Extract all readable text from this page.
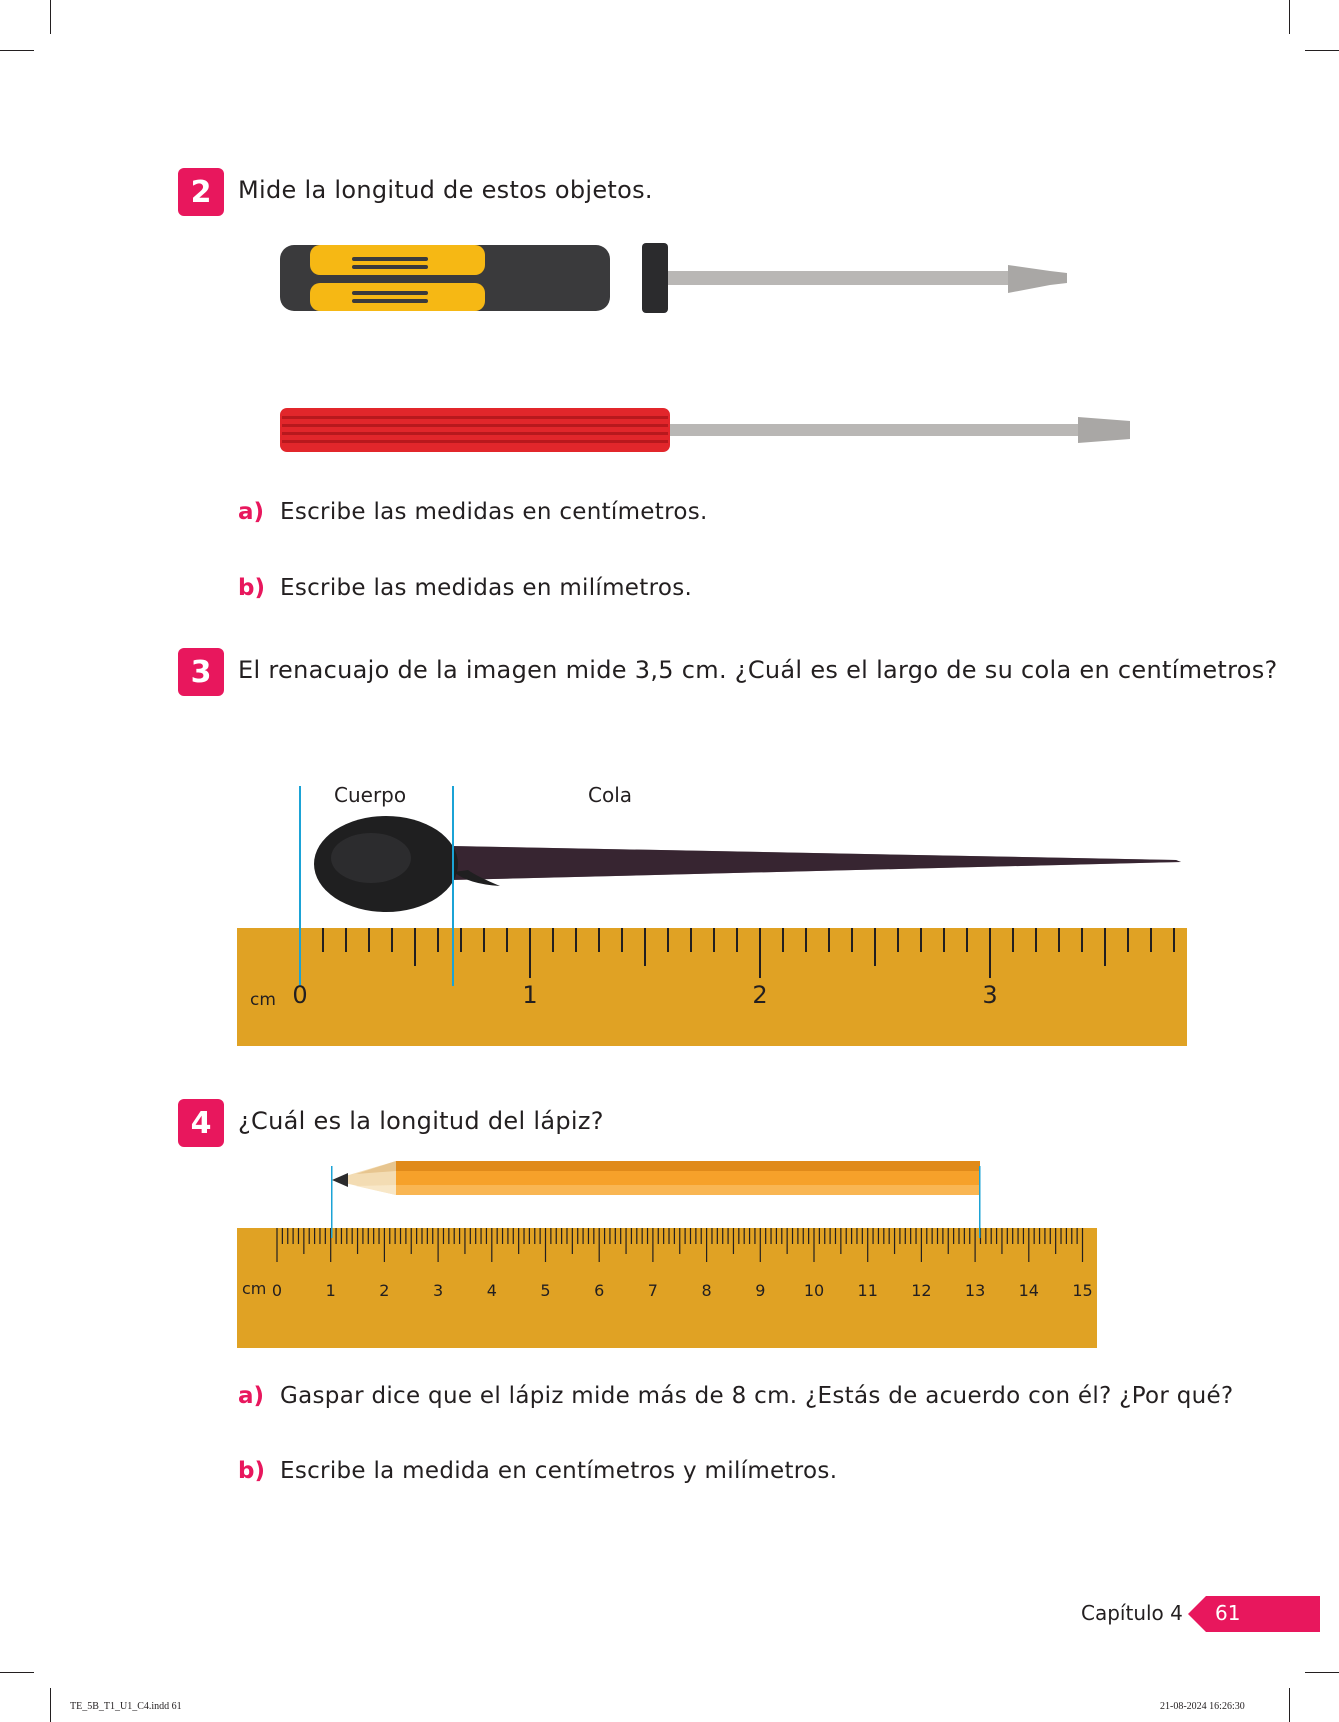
2	Mide la longitud de estos objetos.
a) Escribe las medidas en centímetros.
b) Escribe las medidas en milímetros.
3	El renacuajo de la imagen mide 3,5 cm. ¿Cuál es el largo de su cola en centímetros?
Cuerpo	Cola
cm 0	1	2	3
4	¿Cuál es la longitud del lápiz?
cm 0	1	2	3	4	5	6	7	8	9 10 11 12 13 14 15
a) Gaspar dice que el lápiz mide más de 8 cm. ¿Estás de acuerdo con él? ¿Por qué?
b) Escribe la medida en centímetros y milímetros.
Capítulo 4 61
TE_5B_T1_U1_C4.indd 61	21-08-2024 16:26:30
